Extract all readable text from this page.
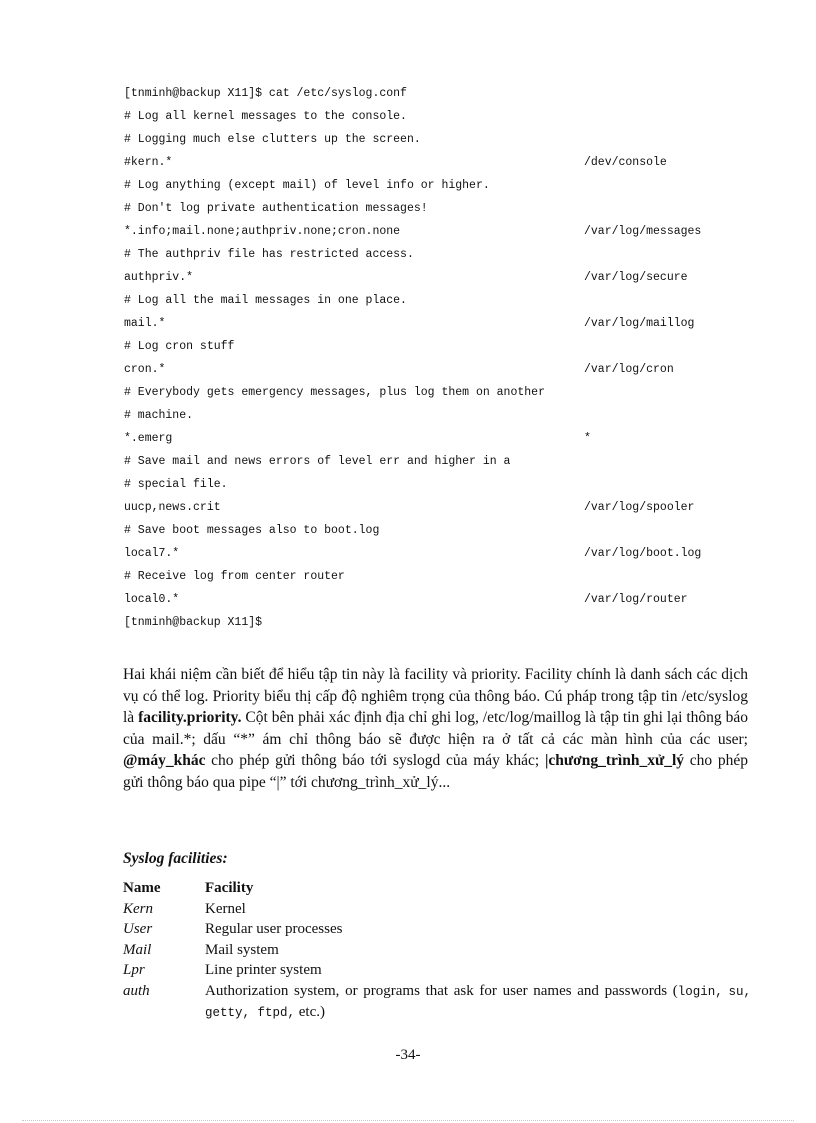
[tnminh@backup X11]$ cat /etc/syslog.conf
# Log all kernel messages to the console.
# Logging much else clutters up the screen.
#kern.*	/dev/console
# Log anything (except mail) of level info or higher.
# Don't log private authentication messages!
*.info;mail.none;authpriv.none;cron.none	/var/log/messages
# The authpriv file has restricted access.
authpriv.*	/var/log/secure
# Log all the mail messages in one place.
mail.*	/var/log/maillog
# Log cron stuff
cron.*	/var/log/cron
# Everybody gets emergency messages, plus log them on another
# machine.
*.emerg	*
# Save mail and news errors of level err and higher in a
# special file.
uucp,news.crit	/var/log/spooler
# Save boot messages also to boot.log
local7.*	/var/log/boot.log
# Receive log from center router
local0.*	/var/log/router
[tnminh@backup X11]$
Hai khái niệm cần biết để hiểu tập tin này là facility và priority. Facility chính là danh sách các dịch vụ có thể log. Priority biểu thị cấp độ nghiêm trọng của thông báo. Cú pháp trong tập tin /etc/syslog là facility.priority. Cột bên phải xác định địa chỉ ghi log, /etc/log/maillog là tập tin ghi lại thông báo của mail.*; dấu “*” ám chỉ thông báo sẽ được hiện ra ở tất cả các màn hình của các user; @máy_khác cho phép gửi thông báo tới syslogd của máy khác; |chương_trình_xử_lý cho phép gửi thông báo qua pipe “|” tới chương_trình_xử_lý...
Syslog facilities:
Name	Facility
Kern	Kernel
User	Regular user processes
Mail	Mail system
Lpr	Line printer system
auth	Authorization system, or programs that ask for user names and passwords (login, su, getty, ftpd, etc.)
-34-
